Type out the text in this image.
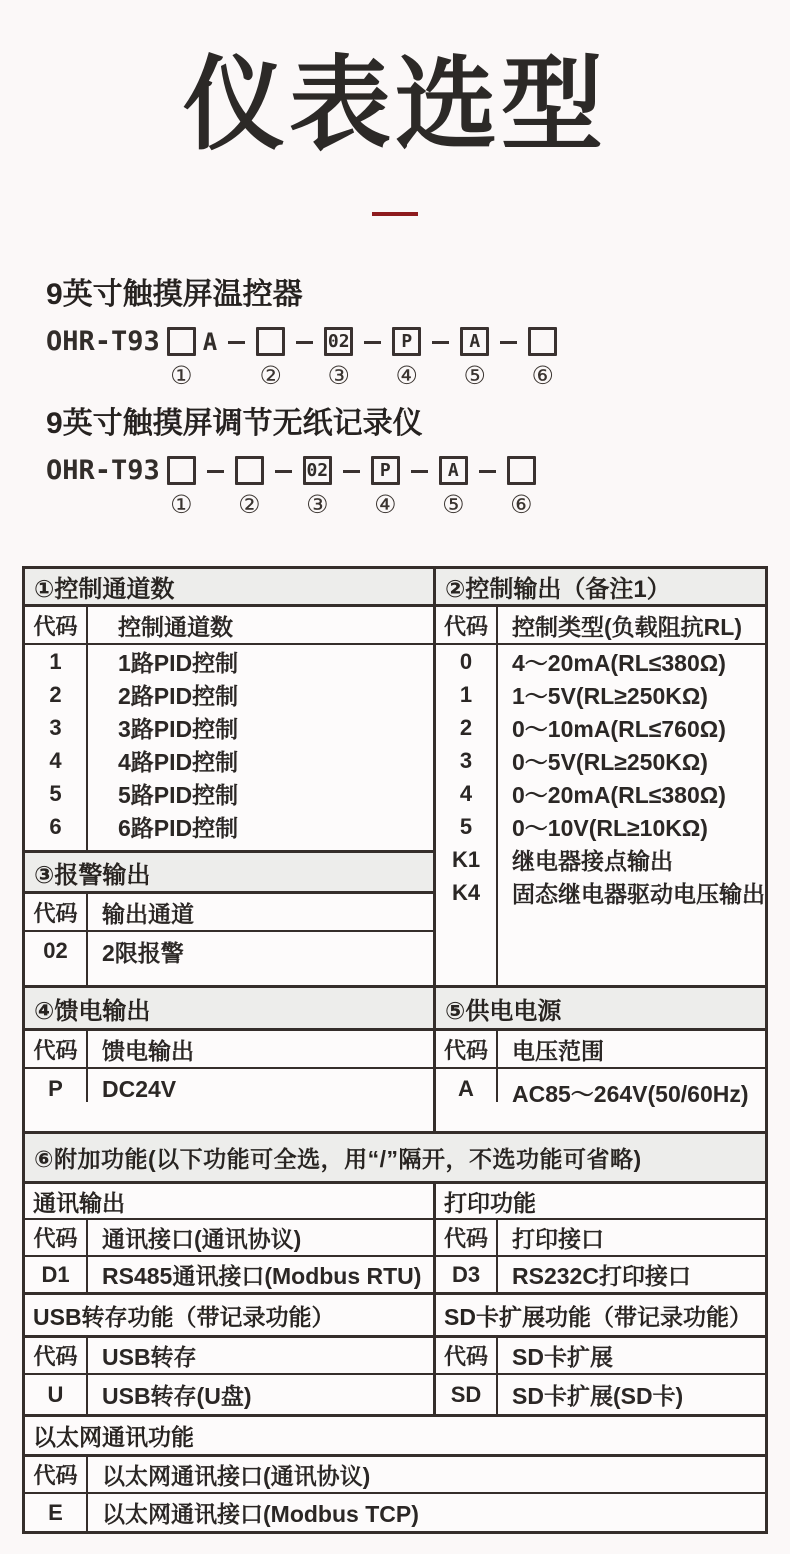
仪表选型
9英寸触摸屏温控器
OHR-T93
①
A
②
02
③
P
④
A
⑤ ⑥
9英寸触摸屏调节无纸记录仪
OHR-T93
① ②
02
③
P
④
A
⑤ ⑥
①控制通道数
代码	控制通道数
1	1路PID控制
2	2路PID控制
3	3路PID控制
4	4路PID控制
5	5路PID控制
6	6路PID控制
③报警输出
代码	输出通道
02	2限报警
②控制输出（备注1）
代码	控制类型(负载阻抗RL)
0	4～20mA(RL≤380Ω)
1	1～5V(RL≥250KΩ)
2	0～10mA(RL≤760Ω)
3	0～5V(RL≥250KΩ)
4	0～20mA(RL≤380Ω)
5	0～10V(RL≥10KΩ)
K1	继电器接点输出
K4	固态继电器驱动电压输出
④馈电输出
代码	馈电输出
P	DC24V
⑤供电电源
代码	电压范围
A	AC85～264V(50/60Hz)
⑥附加功能(以下功能可全选，用“/”隔开，不选功能可省略)
通讯输出
代码	通讯接口(通讯协议)
D1	RS485通讯接口(Modbus RTU)
打印功能
代码	打印接口
D3	RS232C打印接口
USB转存功能（带记录功能）
代码	USB转存
U	USB转存(U盘)
SD卡扩展功能（带记录功能）
代码	SD卡扩展
SD	SD卡扩展(SD卡)
以太网通讯功能
代码	以太网通讯接口(通讯协议)
E	以太网通讯接口(Modbus TCP)
